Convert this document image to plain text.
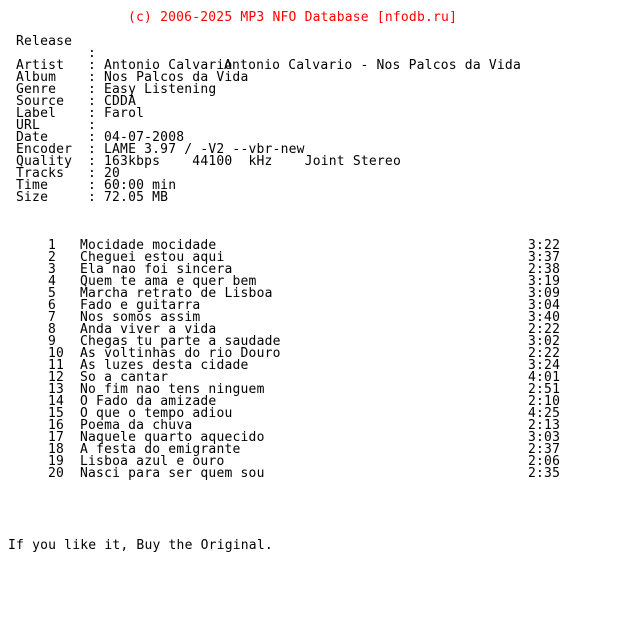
(c) 2006-2025 MP3 NFO Database [nfodb.ru]

Release

:

Antonio Calvario - Nos Palcos da Vida

Artist : Antonio Calvario
Album : Nos Palcos da Vida
Genre : Easy Listening
Source : CDDA
Label : Farol
URL	:
Date	: 04-07-2008
Encoder : LAME 3.97 / -V2 --vbr-new
Quality : 163kbps    44100  kHz    Joint Stereo
Tracks : 20
Time	: 60:00 min
Size	: 72.05 MB
1 Mocidade mocidade	3:22
2 Cheguei estou aqui	3:37
3 Ela nao foi sincera	2:38
4 Quem te ama e quer bem	3:19
5 Marcha retrato de Lisboa	3:09
6 Fado e guitarra	3:04
7 Nos somos assim	3:40
8 Anda viver a vida	2:22
9 Chegas tu parte a saudade	3:02
10 As voltinhas do rio Douro	2:22
11 As luzes desta cidade	3:24
12 So a cantar	4:01
13 No fim nao tens ninguem	2:51
14 O Fado da amizade	2:10
15 O que o tempo adiou	4:25
16 Poema da chuva	2:13
17 Naquele quarto aquecido	3:03
18 A festa do emigrante	2:37
19 Lisboa azul e ouro	2:06
20 Nasci para ser quem sou	2:35

If you like it, Buy the Original.
